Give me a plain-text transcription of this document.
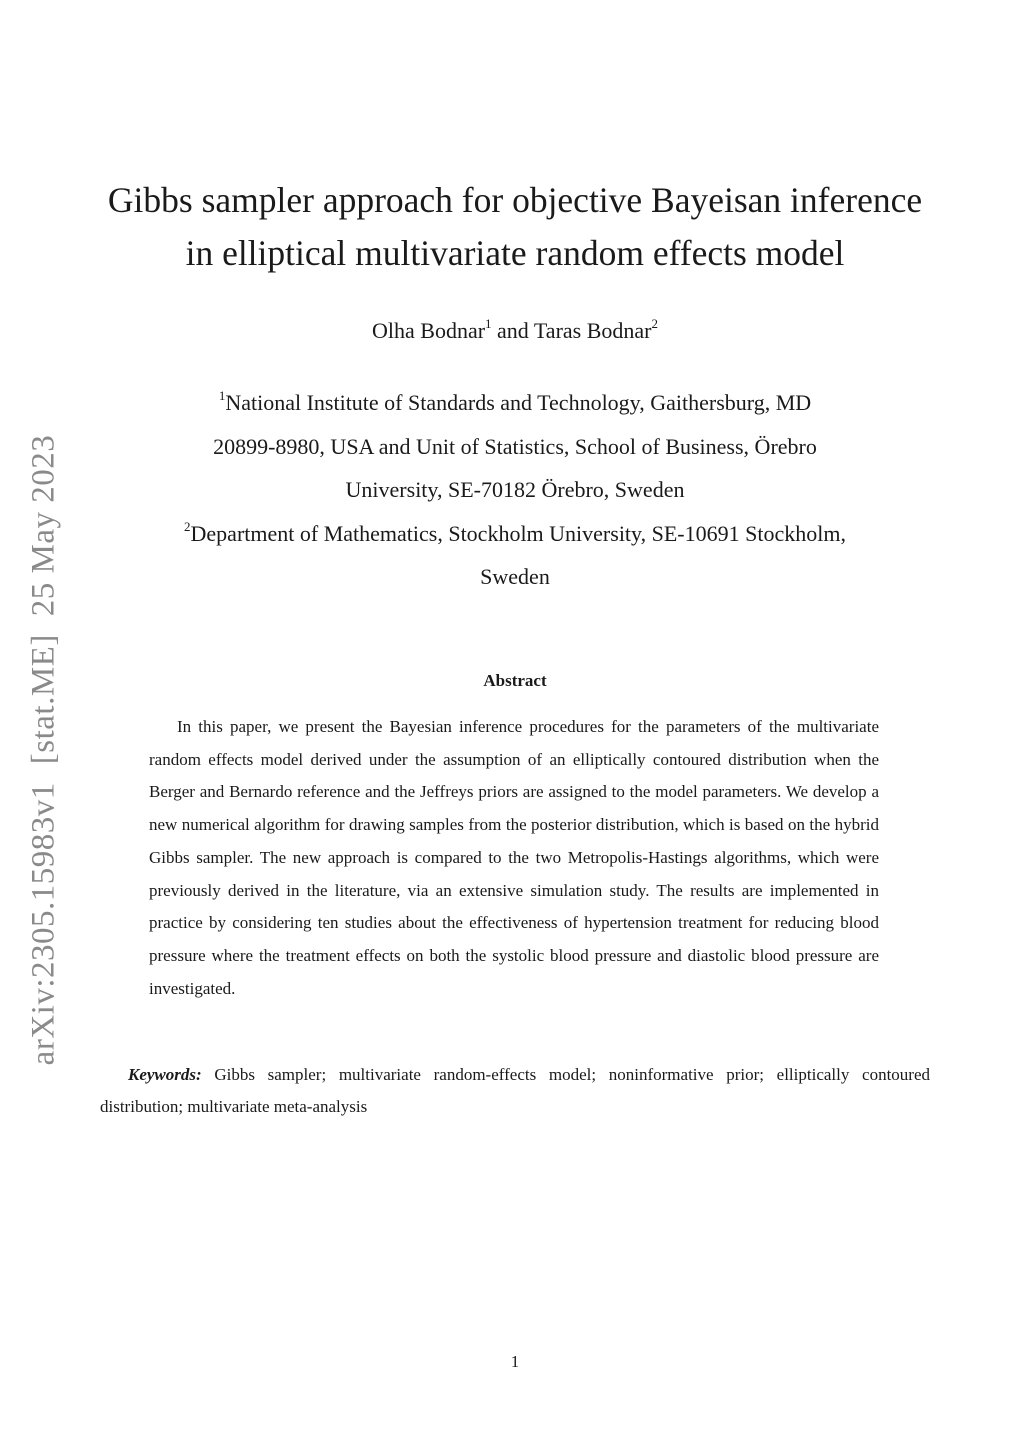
arXiv:2305.15983v1[stat.ME]25 May 2023
Gibbs sampler approach for objective Bayeisan inference
in elliptical multivariate random effects model
Olha Bodnar$^1$ and Taras Bodnar$^2$
$^1$National Institute of Standards and Technology, Gaithersburg, MD
20899-8980, USA and Unit of Statistics, School of Business, Örebro
University, SE-70182 Örebro, Sweden
$^2$Department of Mathematics, Stockholm University, SE-10691 Stockholm,
Sweden
Abstract

In this paper, we present the Bayesian inference procedures for the parameters of the multivariate random effects model derived under the assumption of an elliptically contoured distribution when the Berger and Bernardo reference and the Jeffreys priors are assigned to the model parameters. We develop a new numerical algorithm for drawing samples from the posterior distribution, which is based on the hybrid Gibbs sampler. The new approach is compared to the two Metropolis-Hastings algorithms, which were previously derived in the literature, via an extensive simulation study. The results are implemented in practice by considering ten studies about the effectiveness of hypertension treatment for reducing blood pressure where the treatment effects on both the systolic blood pressure and diastolic blood pressure are investigated.

Keywords: Gibbs sampler; multivariate random-effects model; noninformative prior; elliptically contoured distribution; multivariate meta-analysis

1
